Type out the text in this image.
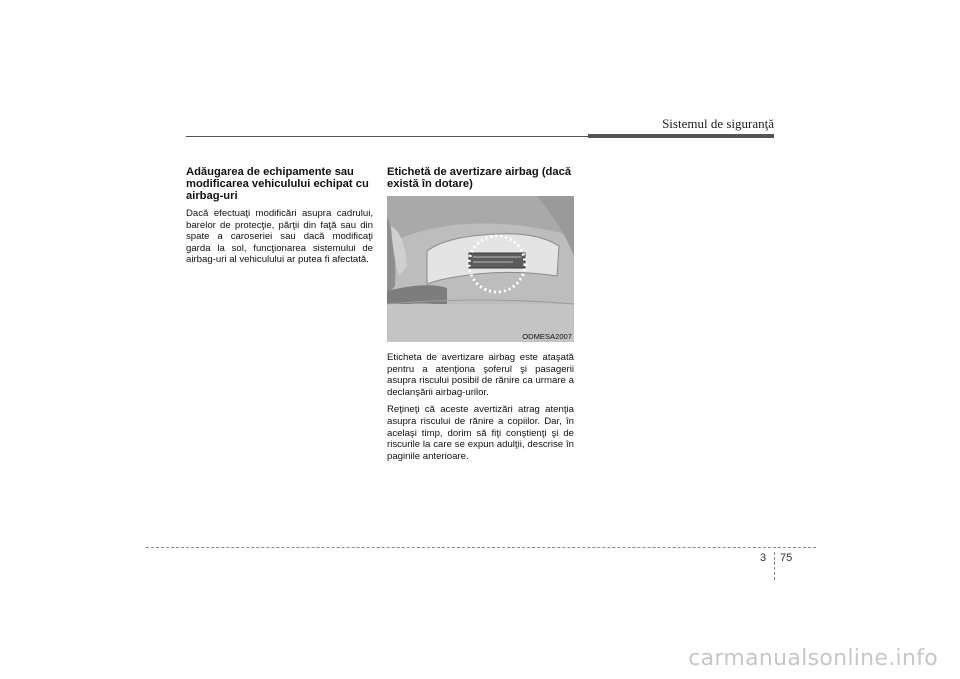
Sistemul de siguranţă
Adăugarea de echipamente sau modificarea vehiculului echipat cu airbag-uri

Dacă efectuaţi modificări asupra cadrului, barelor de protecţie, părţii din faţă sau din spate a caroseriei sau dacă modificaţi garda la sol, funcţionarea sistemului de airbag-uri al vehiculului ar putea fi afectată.

Etichetă de avertizare airbag (dacă există în dotare)
ODMESA2007

Eticheta de avertizare airbag este ataşată pentru a atenţiona şoferul şi pasagerii asupra riscului posibil de rănire ca urmare a declanşării airbag-urilor.

Reţineţi că aceste avertizări atrag atenţia asupra riscului de rănire a copiilor. Dar, în acelaşi timp, dorim să fiţi conştienţi şi de riscurile la care se expun adulţii, descrise în paginile anterioare.

3 75
carmanualsonline.info
